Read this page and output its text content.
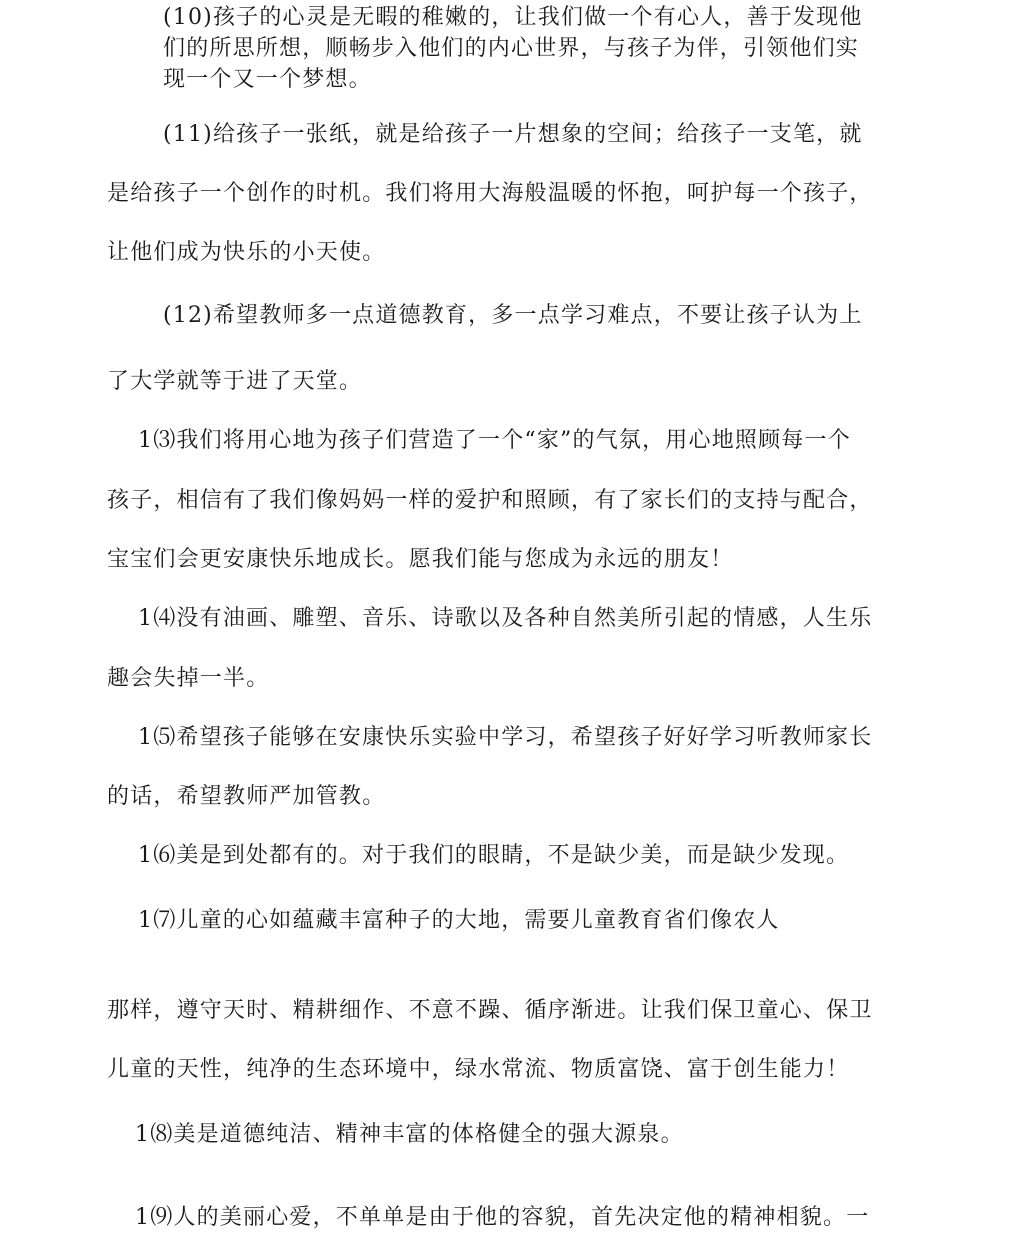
(10)孩子的心灵是无暇的稚嫩的，让我们做一个有心人，善于发现他

们的所思所想，顺畅步入他们的内心世界，与孩子为伴，引领他们实

现一个又一个梦想。

(11)给孩子一张纸，就是给孩子一片想象的空间；给孩子一支笔，就

是给孩子一个创作的时机。我们将用大海般温暖的怀抱，呵护每一个孩子，

让他们成为快乐的小天使。

(12)希望教师多一点道德教育，多一点学习难点，不要让孩子认为上

了大学就等于进了天堂。

1⑶我们将用心地为孩子们营造了一个“家”的气氛，用心地照顾每一个

孩子，相信有了我们像妈妈一样的爱护和照顾，有了家长们的支持与配合，

宝宝们会更安康快乐地成长。愿我们能与您成为永远的朋友！

1⑷没有油画、雕塑、音乐、诗歌以及各种自然美所引起的情感，人生乐

趣会失掉一半。

1⑸希望孩子能够在安康快乐实验中学习，希望孩子好好学习听教师家长

的话，希望教师严加管教。

1⑹美是到处都有的。对于我们的眼睛，不是缺少美，而是缺少发现。

1⑺儿童的心如蕴藏丰富种子的大地，需要儿童教育省们像农人

那样，遵守天时、精耕细作、不意不躁、循序渐进。让我们保卫童心、保卫

儿童的天性，纯净的生态环境中，绿水常流、物质富饶、富于创生能力！

1⑻美是道德纯洁、精神丰富的体格健全的强大源泉。

1⑼人的美丽心爱，不单单是由于他的容貌，首先决定他的精神相貌。一
